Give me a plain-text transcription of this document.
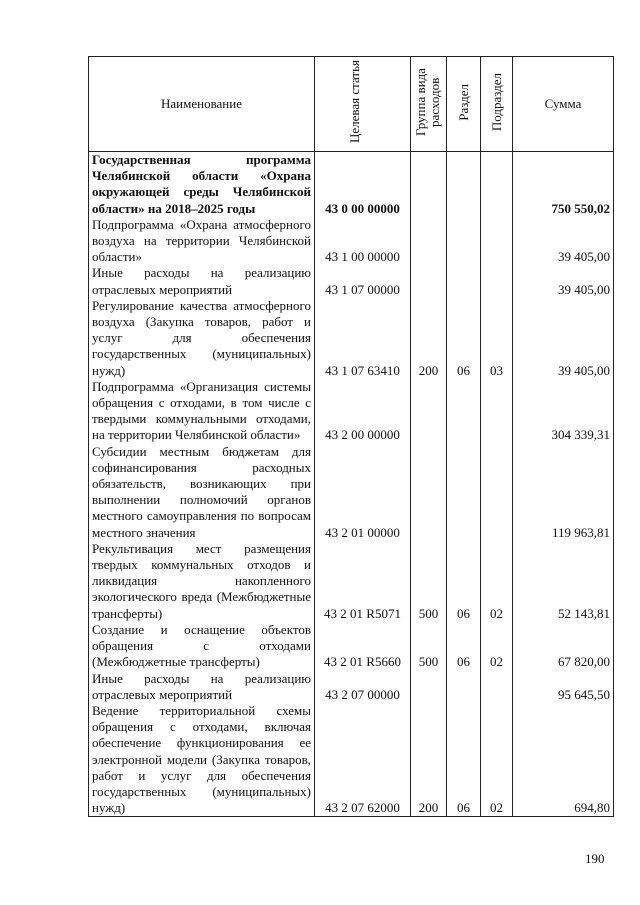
Наименование	Целевая статья	Группа вида расходов	Раздел	Подраздел	Сумма
Государственная программа Челябинской области «Охрана окружающей среды Челябинской области» на 2018–2025 годы	43 0 00 00000				750 550,02
Подпрограмма «Охрана атмосферного воздуха на территории Челябинской области»	43 1 00 00000				39 405,00
Иные расходы на реализацию отраслевых мероприятий	43 1 07 00000				39 405,00
Регулирование качества атмосферного воздуха (Закупка товаров, работ и услуг для обеспечения государственных (муниципальных) нужд)	43 1 07 63410	200	06	03	39 405,00
Подпрограмма «Организация системы обращения с отходами, в том числе с твердыми коммунальными отходами, на территории Челябинской области»	43 2 00 00000				304 339,31
Субсидии местным бюджетам для софинансирования расходных обязательств, возникающих при выполнении полномочий органов местного самоуправления по вопросам местного значения	43 2 01 00000				119 963,81
Рекультивация мест размещения твердых коммунальных отходов и ликвидация накопленного экологического вреда (Межбюджетные трансферты)	43 2 01 R5071	500	06	02	52 143,81
Создание и оснащение объектов обращения с отходами (Межбюджетные трансферты)	43 2 01 R5660	500	06	02	67 820,00
Иные расходы на реализацию отраслевых мероприятий	43 2 07 00000				95 645,50
Ведение территориальной схемы обращения с отходами, включая обеспечение функционирования ее электронной модели (Закупка товаров, работ и услуг для обеспечения государственных (муниципальных) нужд)	43 2 07 62000	200	06	02	694,80
190
